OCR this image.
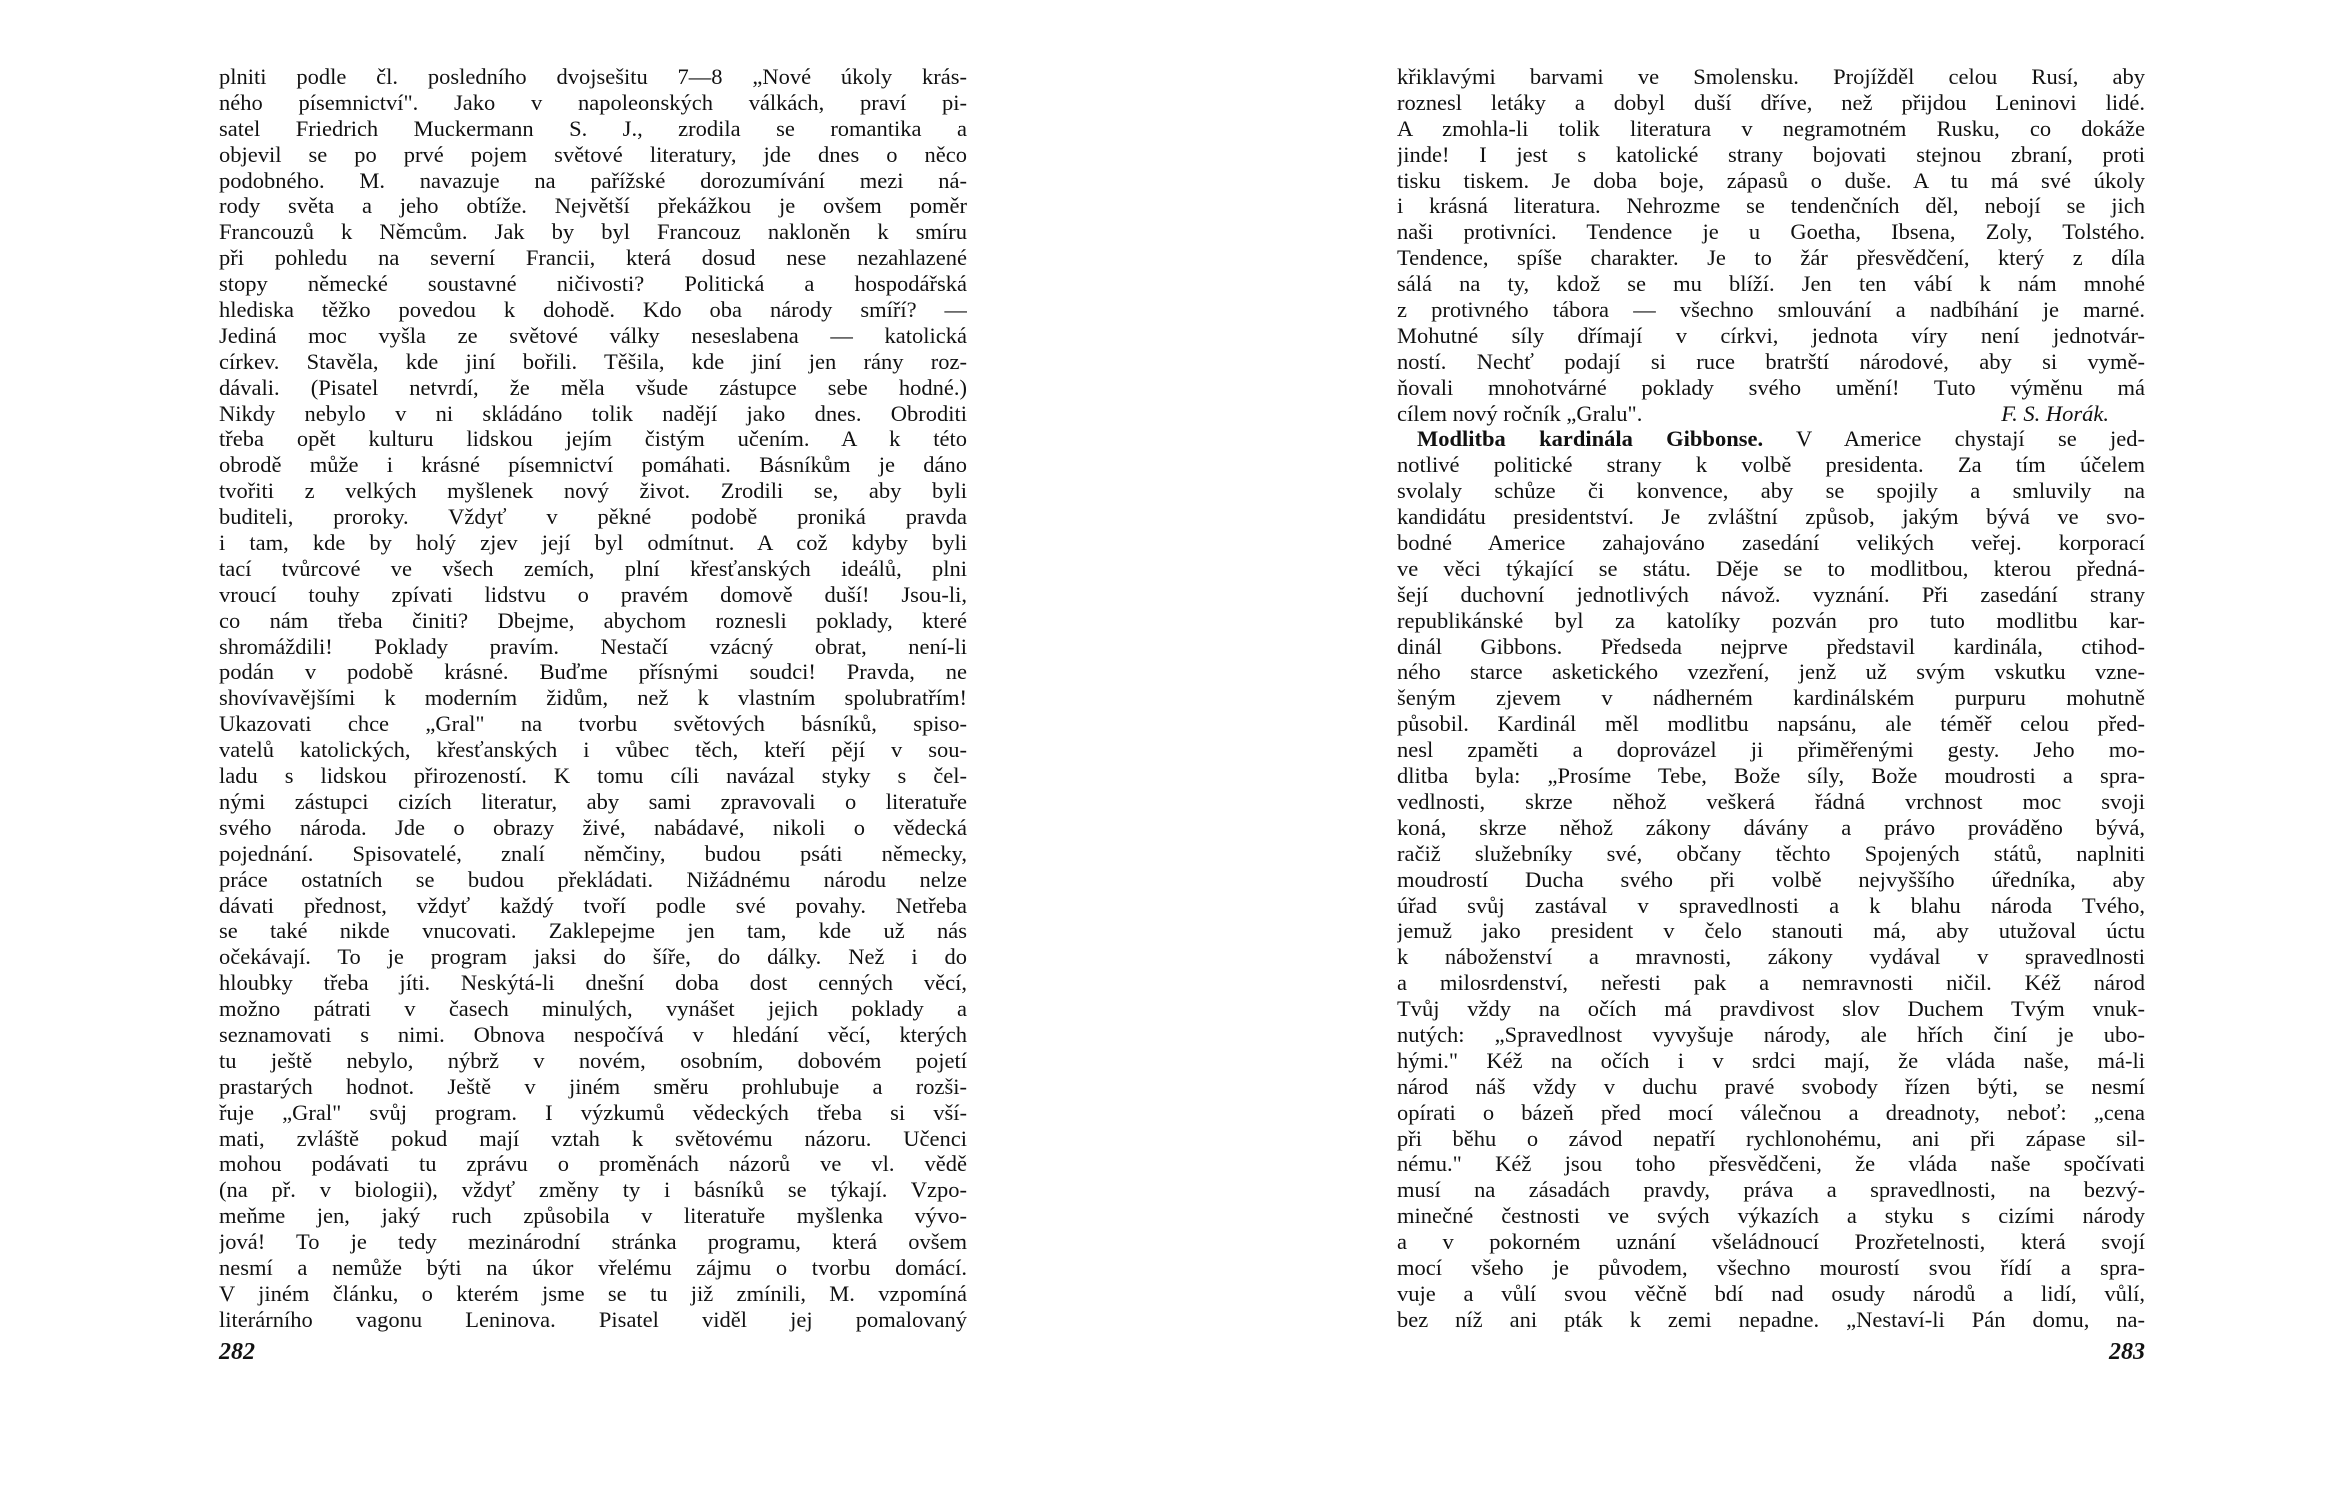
plniti podle čl. posledního dvojsešitu 7—8 „Nové úkoly krás-
ného písemnictví". Jako v napoleonských válkách, praví pi-
satel Friedrich Muckermann S. J., zrodila se romantika a
objevil se po prvé pojem světové literatury, jde dnes o něco
podobného. M. navazuje na pařížské dorozumívání mezi ná-
rody světa a jeho obtíže. Největší překážkou je ovšem poměr
Francouzů k Němcům. Jak by byl Francouz nakloněn k smíru
při pohledu na severní Francii, která dosud nese nezahlazené
stopy německé soustavné ničivosti? Politická a hospodářská
hlediska těžko povedou k dohodě. Kdo oba národy smíří? —
Jediná moc vyšla ze světové války neseslabena — katolická
církev. Stavěla, kde jiní bořili. Těšila, kde jiní jen rány roz-
dávali. (Pisatel netvrdí, že měla všude zástupce sebe hodné.)
Nikdy nebylo v ni skládáno tolik nadějí jako dnes. Obroditi
třeba opět kulturu lidskou jejím čistým učením. A k této
obrodě může i krásné písemnictví pomáhati. Básníkům je dáno
tvořiti z velkých myšlenek nový život. Zrodili se, aby byli
buditeli, proroky. Vždyť v pěkné podobě proniká pravda
i tam, kde by holý zjev její byl odmítnut. A což kdyby byli
tací tvůrcové ve všech zemích, plní křesťanských ideálů, plni
vroucí touhy zpívati lidstvu o pravém domově duší! Jsou-li,
co nám třeba činiti? Dbejme, abychom roznesli poklady, které
shromáždili! Poklady pravím. Nestačí vzácný obrat, není-li
podán v podobě krásné. Buďme přísnými soudci! Pravda, ne
shovívavějšími k moderním židům, než k vlastním spolubratřím!
Ukazovati chce „Gral" na tvorbu světových básníků, spiso-
vatelů katolických, křesťanských i vůbec těch, kteří pějí v sou-
ladu s lidskou přirozeností. K tomu cíli navázal styky s čel-
nými zástupci cizích literatur, aby sami zpravovali o literatuře
svého národa. Jde o obrazy živé, nabádavé, nikoli o vědecká
pojednání. Spisovatelé, znalí němčiny, budou psáti německy,
práce ostatních se budou překládati. Nižádnému národu nelze
dávati přednost, vždyť každý tvoří podle své povahy. Netřeba
se také nikde vnucovati. Zaklepejme jen tam, kde už nás
očekávají. To je program jaksi do šíře, do dálky. Než i do
hloubky třeba jíti. Neskýtá-li dnešní doba dost cenných věcí,
možno pátrati v časech minulých, vynášet jejich poklady a
seznamovati s nimi. Obnova nespočívá v hledání věcí, kterých
tu ještě nebylo, nýbrž v novém, osobním, dobovém pojetí
prastarých hodnot. Ještě v jiném směru prohlubuje a rozši-
řuje „Gral" svůj program. I výzkumů vědeckých třeba si vší-
mati, zvláště pokud mají vztah k světovému názoru. Učenci
mohou podávati tu zprávu o proměnách názorů ve vl. vědě
(na př. v biologii), vždyť změny ty i básníků se týkají. Vzpo-
meňme jen, jaký ruch způsobila v literatuře myšlenka vývo-
jová! To je tedy mezinárodní stránka programu, která ovšem
nesmí a nemůže býti na úkor vřelému zájmu o tvorbu domácí.
V jiném článku, o kterém jsme se tu již zmínili, M. vzpomíná
literárního vagonu Leninova. Pisatel viděl jej pomalovaný
282
křiklavými barvami ve Smolensku. Projížděl celou Rusí, aby
roznesl letáky a dobyl duší dříve, než přijdou Leninovi lidé.
A zmohla-li tolik literatura v negramotném Rusku, co dokáže
jinde! I jest s katolické strany bojovati stejnou zbraní, proti
tisku tiskem. Je doba boje, zápasů o duše. A tu má své úkoly
i krásná literatura. Nehrozme se tendenčních děl, nebojí se jich
naši protivníci. Tendence je u Goetha, Ibsena, Zoly, Tolstého.
Tendence, spíše charakter. Je to žár přesvědčení, který z díla
sálá na ty, kdož se mu blíží. Jen ten vábí k nám mnohé
z protivného tábora — všechno smlouvání a nadbíhání je marné.
Mohutné síly dřímají v církvi, jednota víry není jednotvár-
ností. Nechť podají si ruce bratrští národové, aby si vymě-
ňovali mnohotvárné poklady svého umění! Tuto výměnu má
cílem nový ročník „Gralu".	F. S. Horák.
Modlitba kardinála Gibbonse. V Americe chystají se jed-
notlivé politické strany k volbě presidenta. Za tím účelem
svolaly schůze či konvence, aby se spojily a smluvily na
kandidátu presidentství. Je zvláštní způsob, jakým bývá ve svo-
bodné Americe zahajováno zasedání velikých veřej. korporací
ve věci týkající se státu. Děje se to modlitbou, kterou předná-
šejí duchovní jednotlivých návož. vyznání. Při zasedání strany
republikánské byl za katolíky pozván pro tuto modlitbu kar-
dinál Gibbons. Předseda nejprve představil kardinála, ctihod-
ného starce asketického vzezření, jenž už svým vskutku vzne-
šeným zjevem v nádherném kardinálském purpuru mohutně
působil. Kardinál měl modlitbu napsánu, ale téměř celou před-
nesl zpaměti a doprovázel ji přiměřenými gesty. Jeho mo-
dlitba byla: „Prosíme Tebe, Bože síly, Bože moudrosti a spra-
vedlnosti, skrze něhož veškerá řádná vrchnost moc svoji
koná, skrze něhož zákony dávány a právo prováděno bývá,
račiž služebníky své, občany těchto Spojených států, naplniti
moudrostí Ducha svého při volbě nejvyššího úředníka, aby
úřad svůj zastával v spravedlnosti a k blahu národa Tvého,
jemuž jako president v čelo stanouti má, aby utužoval úctu
k náboženství a mravnosti, zákony vydával v spravedlnosti
a milosrdenství, neřesti pak a nemravnosti ničil. Kéž národ
Tvůj vždy na očích má pravdivost slov Duchem Tvým vnuk-
nutých: „Spravedlnost vyvyšuje národy, ale hřích činí je ubo-
hými." Kéž na očích i v srdci mají, že vláda naše, má-li
národ náš vždy v duchu pravé svobody řízen býti, se nesmí
opírati o bázeň před mocí válečnou a dreadnoty, neboť: „cena
při běhu o závod nepatří rychlonohému, ani při zápase sil-
nému." Kéž jsou toho přesvědčeni, že vláda naše spočívati
musí na zásadách pravdy, práva a spravedlnosti, na bezvý-
minečné čestnosti ve svých výkazích a styku s cizími národy
a v pokorném uznání všeládnoucí Prozřetelnosti, která svojí
mocí všeho je původem, všechno mourostí svou řídí a spra-
vuje a vůlí svou věčně bdí nad osudy národů a lidí, vůlí,
bez níž ani pták k zemi nepadne. „Nestaví-li Pán domu, na-
283
